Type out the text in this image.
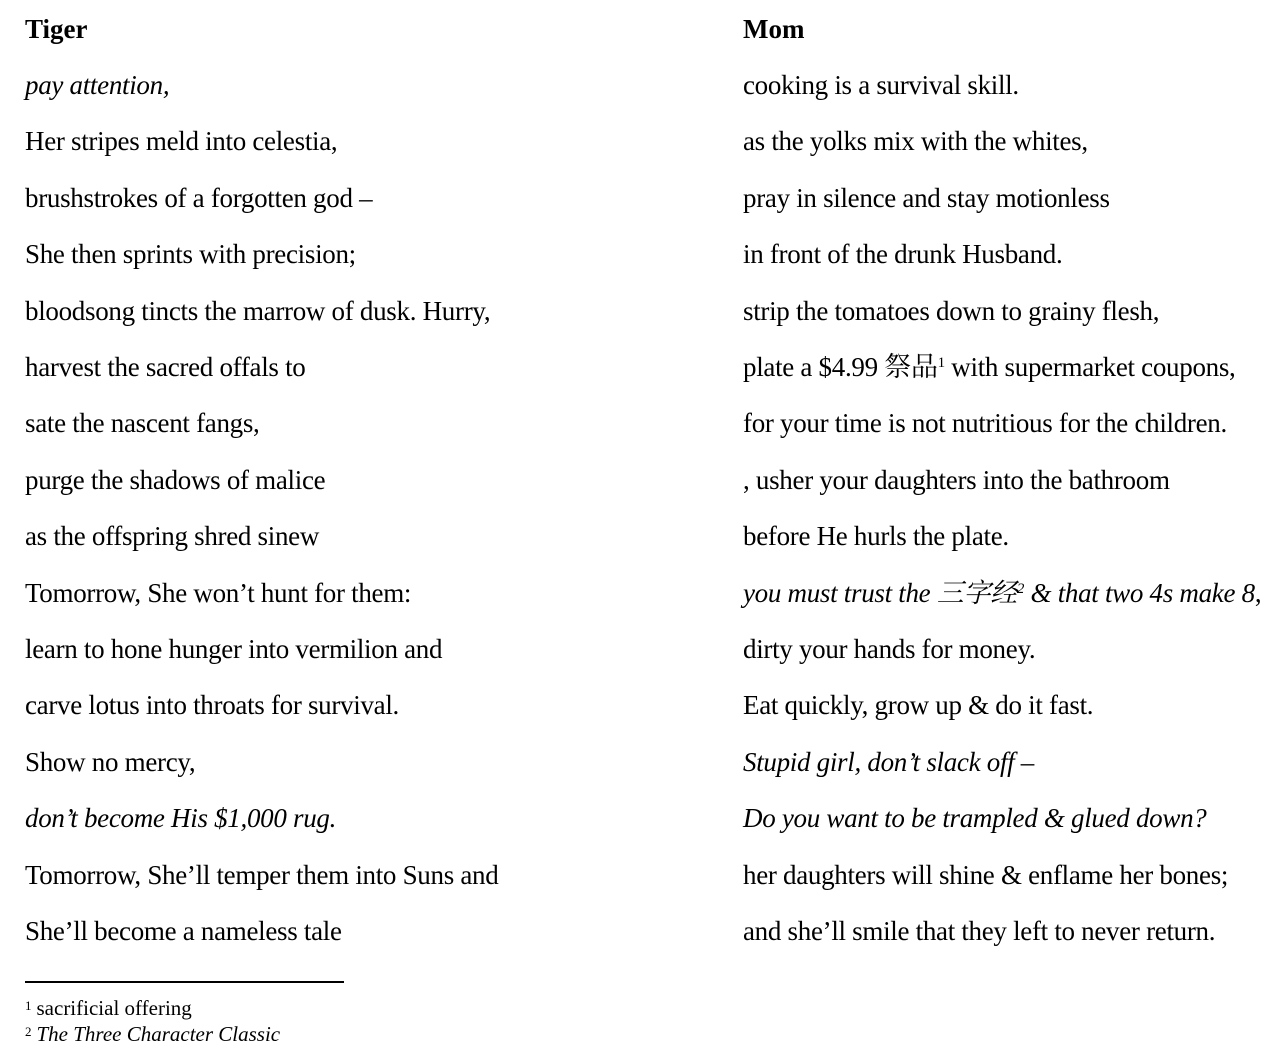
Tiger
pay attention,
Her stripes meld into celestia,
brushstrokes of a forgotten god –
She then sprints with precision;
bloodsong tincts the marrow of dusk. Hurry,
harvest the sacred offals to
sate the nascent fangs,
purge the shadows of malice
as the offspring shred sinew
Tomorrow, She won’t hunt for them:
learn to hone hunger into vermilion and
carve lotus into throats for survival.
Show no mercy,
don’t become His $1,000 rug.
Tomorrow, She’ll temper them into Suns and
She’ll become a nameless tale
Mom
cooking is a survival skill.
as the yolks mix with the whites,
pray in silence and stay motionless
in front of the drunk Husband.
strip the tomatoes down to grainy flesh,
plate a $4.99 祭品$^1$ with supermarket coupons,
for your time is not nutritious for the children.
, usher your daughters into the bathroom
before He hurls the plate.
you must trust the 三字经$^2$ & that two 4s make 8,
dirty your hands for money.
Eat quickly, grow up & do it fast.
Stupid girl, don’t slack off –
Do you want to be trampled & glued down?
her daughters will shine & enflame her bones;
and she’ll smile that they left to never return.
$^1$ sacrificial offering
$^2$ The Three Character Classic
